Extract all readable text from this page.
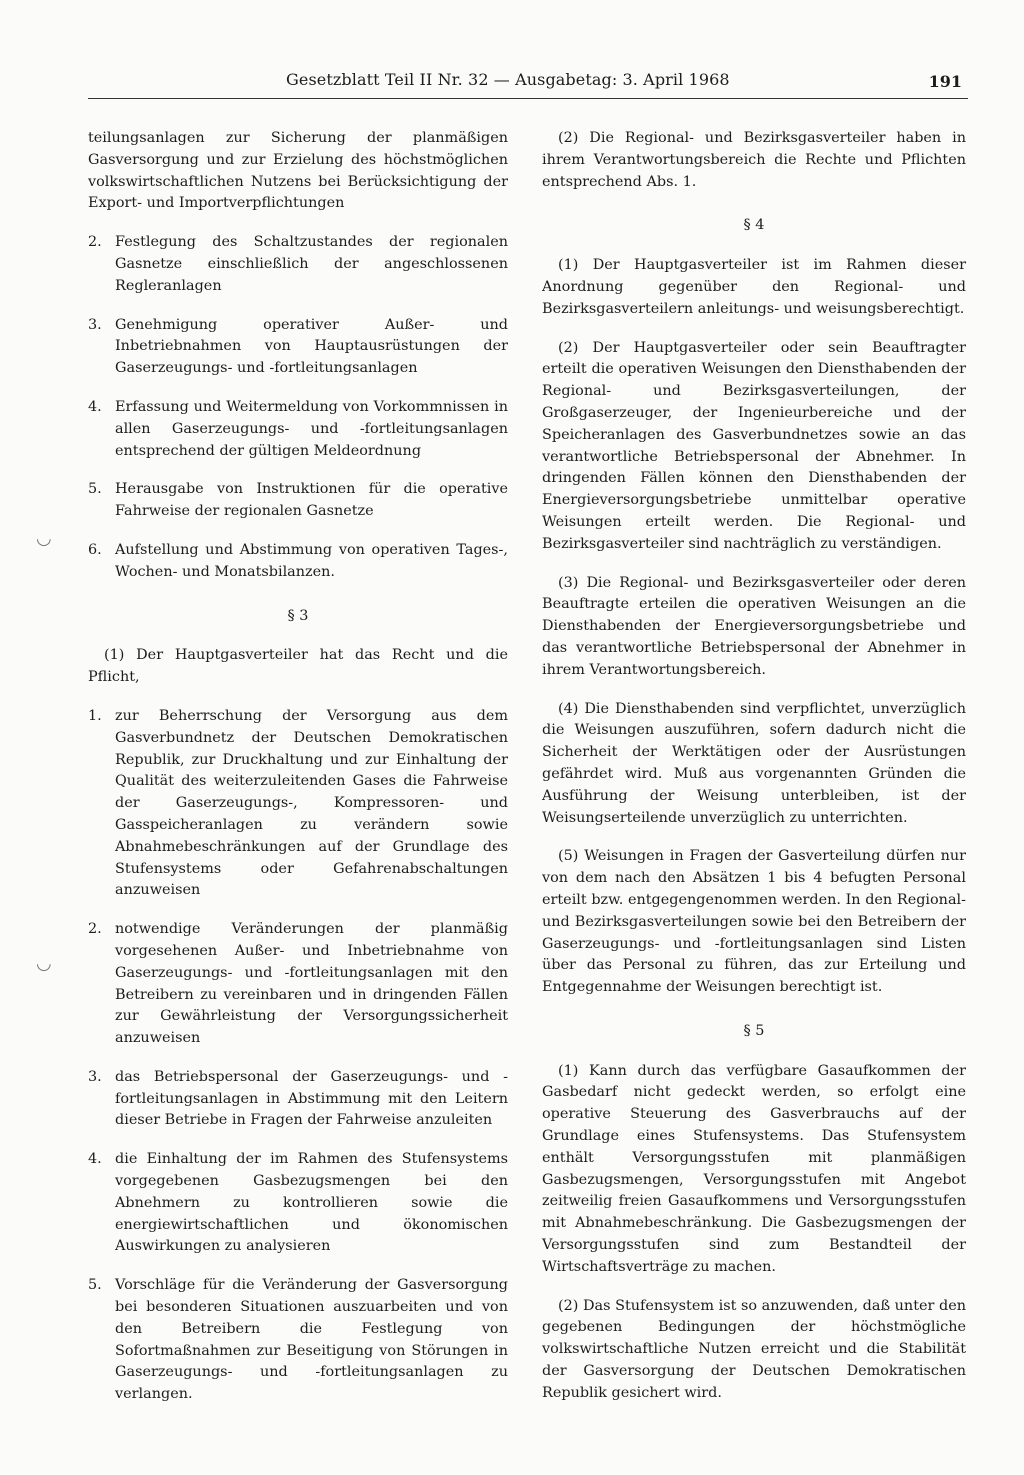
Gesetzblatt Teil II Nr. 32 — Ausgabetag: 3. April 1968	191
◡
◡

teilungsanlagen zur Sicherung der planmäßigen Gasversorgung und zur Erzielung des höchstmöglichen volkswirtschaftlichen Nutzens bei Berücksichtigung der Export- und Importverpflichtungen

2. Festlegung des Schaltzustandes der regionalen Gasnetze einschließlich der angeschlossenen Regleranlagen
3. Genehmigung operativer Außer- und Inbetriebnahmen von Hauptausrüstungen der Gaserzeugungs- und -fortleitungsanlagen
4. Erfassung und Weitermeldung von Vorkommnissen in allen Gaserzeugungs- und -fortleitungsanlagen entsprechend der gültigen Meldeordnung
5. Herausgabe von Instruktionen für die operative Fahrweise der regionalen Gasnetze
6. Aufstellung und Abstimmung von operativen Tages-, Wochen- und Monatsbilanzen.
§ 3

(1) Der Hauptgasverteiler hat das Recht und die Pflicht,

1. zur Beherrschung der Versorgung aus dem Gasverbundnetz der Deutschen Demokratischen Republik, zur Druckhaltung und zur Einhaltung der Qualität des weiterzuleitenden Gases die Fahrweise der Gaserzeugungs-, Kompressoren- und Gasspeicheranlagen zu verändern sowie Abnahmebeschränkungen auf der Grundlage des Stufensystems oder Gefahrenabschaltungen anzuweisen
2. notwendige Veränderungen der planmäßig vorgesehenen Außer- und Inbetriebnahme von Gaserzeugungs- und -fortleitungsanlagen mit den Betreibern zu vereinbaren und in dringenden Fällen zur Gewährleistung der Versorgungssicherheit anzuweisen
3. das Betriebspersonal der Gaserzeugungs- und -fortleitungsanlagen in Abstimmung mit den Leitern dieser Betriebe in Fragen der Fahrweise anzuleiten
4. die Einhaltung der im Rahmen des Stufensystems vorgegebenen Gasbezugsmengen bei den Abnehmern zu kontrollieren sowie die energiewirtschaftlichen und ökonomischen Auswirkungen zu analysieren
5. Vorschläge für die Veränderung der Gasversorgung bei besonderen Situationen auszuarbeiten und von den Betreibern die Festlegung von Sofortmaßnahmen zur Beseitigung von Störungen in Gaserzeugungs- und -fortleitungsanlagen zu verlangen.

(2) Die Regional- und Bezirksgasverteiler haben in ihrem Verantwortungsbereich die Rechte und Pflichten entsprechend Abs. 1.

§ 4

(1) Der Hauptgasverteiler ist im Rahmen dieser Anordnung gegenüber den Regional- und Bezirksgasverteilern anleitungs- und weisungsberechtigt.

(2) Der Hauptgasverteiler oder sein Beauftragter erteilt die operativen Weisungen den Diensthabenden der Regional- und Bezirksgasverteilungen, der Großgaserzeuger, der Ingenieurbereiche und der Speicheranlagen des Gasverbundnetzes sowie an das verantwortliche Betriebspersonal der Abnehmer. In dringenden Fällen können den Diensthabenden der Energieversorgungsbetriebe unmittelbar operative Weisungen erteilt werden. Die Regional- und Bezirksgasverteiler sind nachträglich zu verständigen.

(3) Die Regional- und Bezirksgasverteiler oder deren Beauftragte erteilen die operativen Weisungen an die Diensthabenden der Energieversorgungsbetriebe und das verantwortliche Betriebspersonal der Abnehmer in ihrem Verantwortungsbereich.

(4) Die Diensthabenden sind verpflichtet, unverzüglich die Weisungen auszuführen, sofern dadurch nicht die Sicherheit der Werktätigen oder der Ausrüstungen gefährdet wird. Muß aus vorgenannten Gründen die Ausführung der Weisung unterbleiben, ist der Weisungserteilende unverzüglich zu unterrichten.

(5) Weisungen in Fragen der Gasverteilung dürfen nur von dem nach den Absätzen 1 bis 4 befugten Personal erteilt bzw. entgegengenommen werden. In den Regional- und Bezirksgasverteilungen sowie bei den Betreibern der Gaserzeugungs- und -fortleitungsanlagen sind Listen über das Personal zu führen, das zur Erteilung und Entgegennahme der Weisungen berechtigt ist.

§ 5

(1) Kann durch das verfügbare Gasaufkommen der Gasbedarf nicht gedeckt werden, so erfolgt eine operative Steuerung des Gasverbrauchs auf der Grundlage eines Stufensystems. Das Stufensystem enthält Versorgungsstufen mit planmäßigen Gasbezugsmengen, Versorgungsstufen mit Angebot zeitweilig freien Gasaufkommens und Versorgungsstufen mit Abnahmebeschränkung. Die Gasbezugsmengen der Versorgungsstufen sind zum Bestandteil der Wirtschaftsverträge zu machen.

(2) Das Stufensystem ist so anzuwenden, daß unter den gegebenen Bedingungen der höchstmögliche volkswirtschaftliche Nutzen erreicht und die Stabilität der Gasversorgung der Deutschen Demokratischen Republik gesichert wird.
